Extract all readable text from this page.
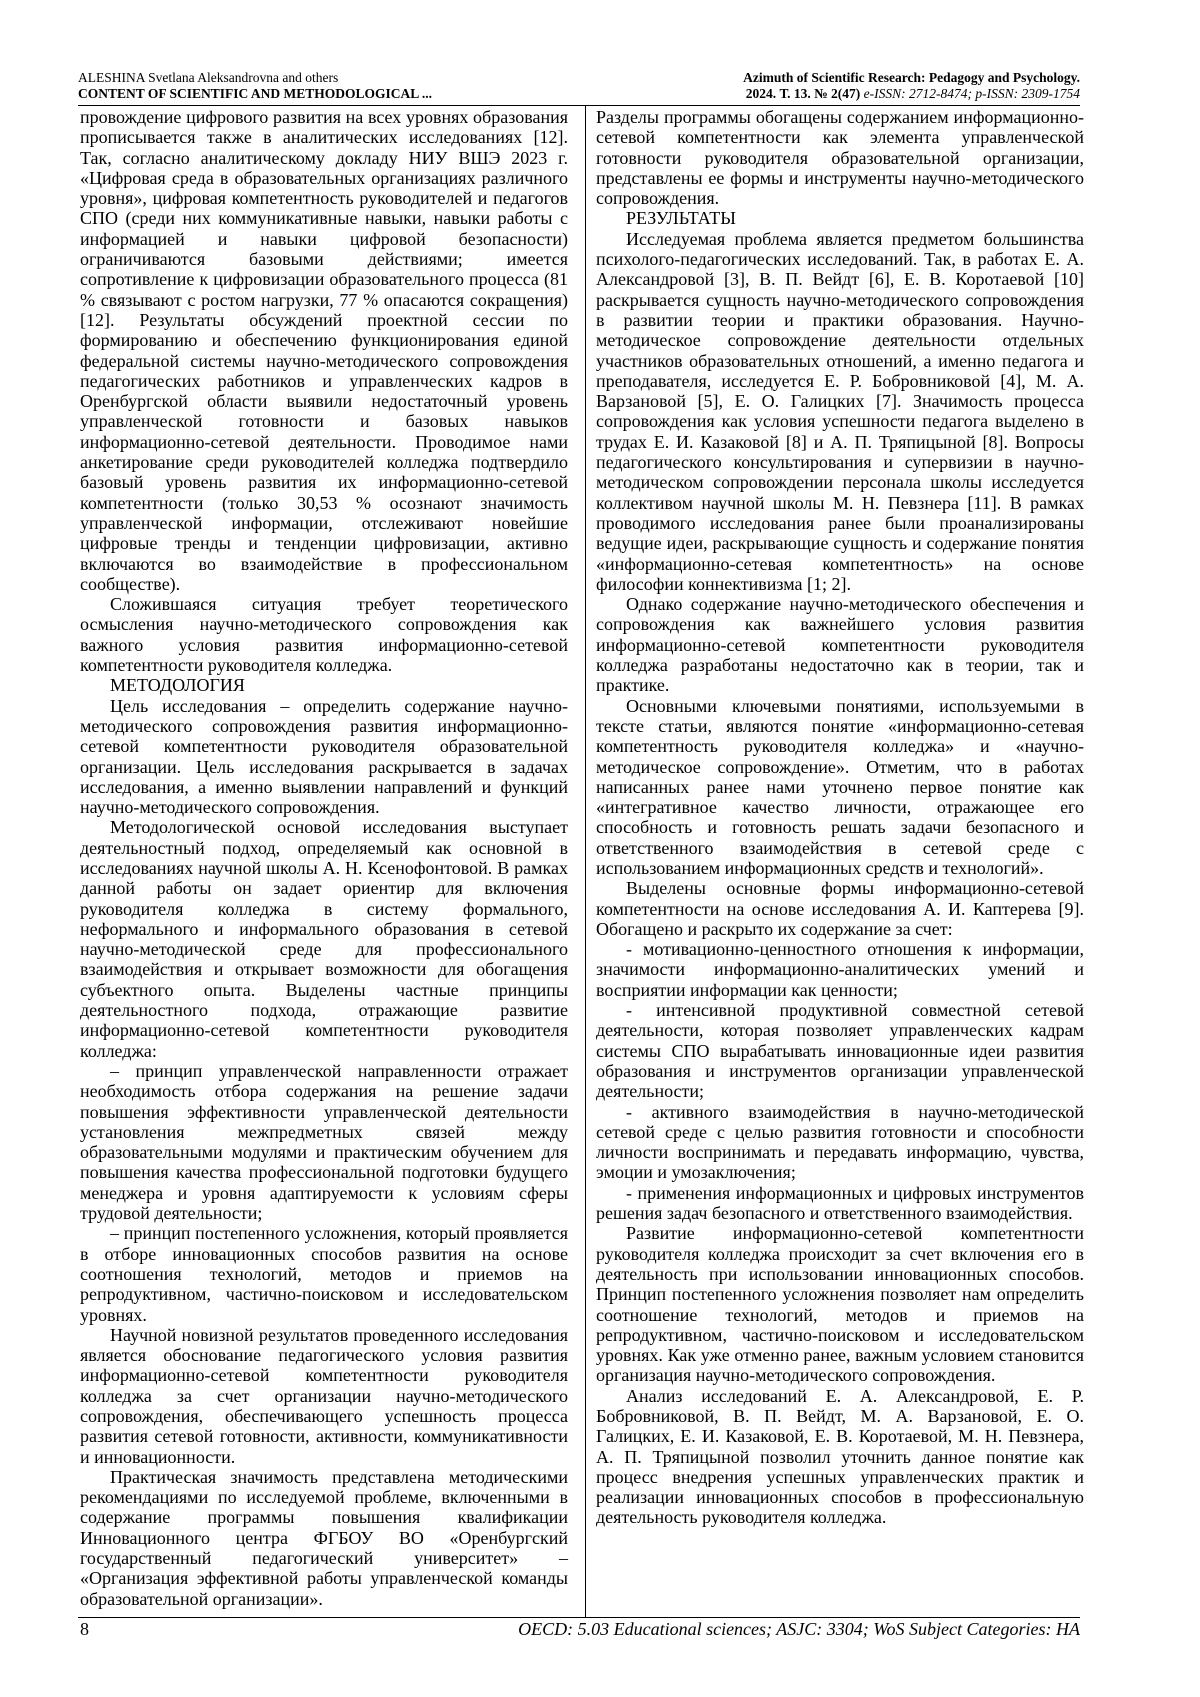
ALESHINA Svetlana Aleksandrovna and others
CONTENT OF SCIENTIFIC AND METHODOLOGICAL ...
Azimuth of Scientific Research: Pedagogy and Psychology.
2024. Т. 13. № 2(47) e-ISSN: 2712-8474; p-ISSN: 2309-1754

провождение цифрового развития на всех уровнях образования прописывается также в аналитических исследованиях [12]. Так, согласно аналитическому докладу НИУ ВШЭ 2023 г. «Цифровая среда в образовательных организациях различного уровня», цифровая компетентность руководителей и педагогов СПО (среди них коммуникативные навыки, навыки работы с информацией и навыки цифровой безопасности) ограничиваются базовыми действиями; имеется сопротивление к цифровизации образовательного процесса (81 % связывают с ростом нагрузки, 77 % опасаются сокращения) [12]. Результаты обсуждений проектной сессии по формированию и обеспечению функционирования единой федеральной системы научно-методического сопровождения педагогических работников и управленческих кадров в Оренбургской области выявили недостаточный уровень управленческой готовности и базовых навыков информационно-сетевой деятельности. Проводимое нами анкетирование среди руководителей колледжа подтвердило базовый уровень развития их информационно-сетевой компетентности (только 30,53 % осознают значимость управленческой информации, отслеживают новейшие цифровые тренды и тенденции цифровизации, активно включаются во взаимодействие в профессиональном сообществе).

Сложившаяся ситуация требует теоретического осмысления научно-методического сопровождения как важного условия развития информационно-сетевой компетентности руководителя колледжа.

МЕТОДОЛОГИЯ

Цель исследования – определить содержание научно-методического сопровождения развития информационно-сетевой компетентности руководителя образовательной организации. Цель исследования раскрывается в задачах исследования, а именно выявлении направлений и функций научно-методического сопровождения.

Методологической основой исследования выступает деятельностный подход, определяемый как основной в исследованиях научной школы А. Н. Ксенофонтовой. В рамках данной работы он задает ориентир для включения руководителя колледжа в систему формального, неформального и информального образования в сетевой научно-методической среде для профессионального взаимодействия и открывает возможности для обогащения субъектного опыта. Выделены частные принципы деятельностного подхода, отражающие развитие информационно-сетевой компетентности руководителя колледжа:

– принцип управленческой направленности отражает необходимость отбора содержания на решение задачи повышения эффективности управленческой деятельности установления межпредметных связей между образовательными модулями и практическим обучением для повышения качества профессиональной подготовки будущего менеджера и уровня адаптируемости к условиям сферы трудовой деятельности;

– принцип постепенного усложнения, который проявляется в отборе инновационных способов развития на основе соотношения технологий, методов и приемов на репродуктивном, частично-поисковом и исследовательском уровнях.

Научной новизной результатов проведенного исследования является обоснование педагогического условия развития информационно-сетевой компетентности руководителя колледжа за счет организации научно-методического сопровождения, обеспечивающего успешность процесса развития сетевой готовности, активности, коммуникативности и инновационности.

Практическая значимость представлена методическими рекомендациями по исследуемой проблеме, включенными в содержание программы повышения квалификации Инновационного центра ФГБОУ ВО «Оренбургский государственный педагогический университет» – «Организация эффективной работы управленческой команды образовательной организации».

Разделы программы обогащены содержанием информационно-сетевой компетентности как элемента управленческой готовности руководителя образовательной организации, представлены ее формы и инструменты научно-методического сопровождения.

РЕЗУЛЬТАТЫ

Исследуемая проблема является предметом большинства психолого-педагогических исследований. Так, в работах Е. А. Александровой [3], В. П. Вейдт [6], Е. В. Коротаевой [10] раскрывается сущность научно-методического сопровождения в развитии теории и практики образования. Научно-методическое сопровождение деятельности отдельных участников образовательных отношений, а именно педагога и преподавателя, исследуется Е. Р. Бобровниковой [4], М. А. Варзановой [5], Е. О. Галицких [7]. Значимость процесса сопровождения как условия успешности педагога выделено в трудах Е. И. Казаковой [8] и А. П. Тряпицыной [8]. Вопросы педагогического консультирования и супервизии в научно-методическом сопровождении персонала школы исследуется коллективом научной школы М. Н. Певзнера [11]. В рамках проводимого исследования ранее были проанализированы ведущие идеи, раскрывающие сущность и содержание понятия «информационно-сетевая компетентность» на основе философии коннективизма [1; 2].

Однако содержание научно-методического обеспечения и сопровождения как важнейшего условия развития информационно-сетевой компетентности руководителя колледжа разработаны недостаточно как в теории, так и практике.

Основными ключевыми понятиями, используемыми в тексте статьи, являются понятие «информационно-сетевая компетентность руководителя колледжа» и «научно-методическое сопровождение». Отметим, что в работах написанных ранее нами уточнено первое понятие как «интегративное качество личности, отражающее его способность и готовность решать задачи безопасного и ответственного взаимодействия в сетевой среде с использованием информационных средств и технологий».

Выделены основные формы информационно-сетевой компетентности на основе исследования А. И. Каптерева [9]. Обогащено и раскрыто их содержание за счет:

- мотивационно-ценностного отношения к информации, значимости информационно-аналитических умений и восприятии информации как ценности;

- интенсивной продуктивной совместной сетевой деятельности, которая позволяет управленческих кадрам системы СПО вырабатывать инновационные идеи развития образования и инструментов организации управленческой деятельности;

- активного взаимодействия в научно-методической сетевой среде с целью развития готовности и способности личности воспринимать и передавать информацию, чувства, эмоции и умозаключения;

- применения информационных и цифровых инструментов решения задач безопасного и ответственного взаимодействия.

Развитие информационно-сетевой компетентности руководителя колледжа происходит за счет включения его в деятельность при использовании инновационных способов. Принцип постепенного усложнения позволяет нам определить соотношение технологий, методов и приемов на репродуктивном, частично-поисковом и исследовательском уровнях. Как уже отменно ранее, важным условием становится организация научно-методического сопровождения.

Анализ исследований Е. А. Александровой, Е. Р. Бобровниковой, В. П. Вейдт, М. А. Варзановой, Е. О. Галицких, Е. И. Казаковой, Е. В. Коротаевой, М. Н. Певзнера, А. П. Тряпицыной позволил уточнить данное понятие как процесс внедрения успешных управленческих практик и реализации инновационных способов в профессиональную деятельность руководителя колледжа.

8	OECD: 5.03 Educational sciences; ASJC: 3304; WoS Subject Categories: HA
